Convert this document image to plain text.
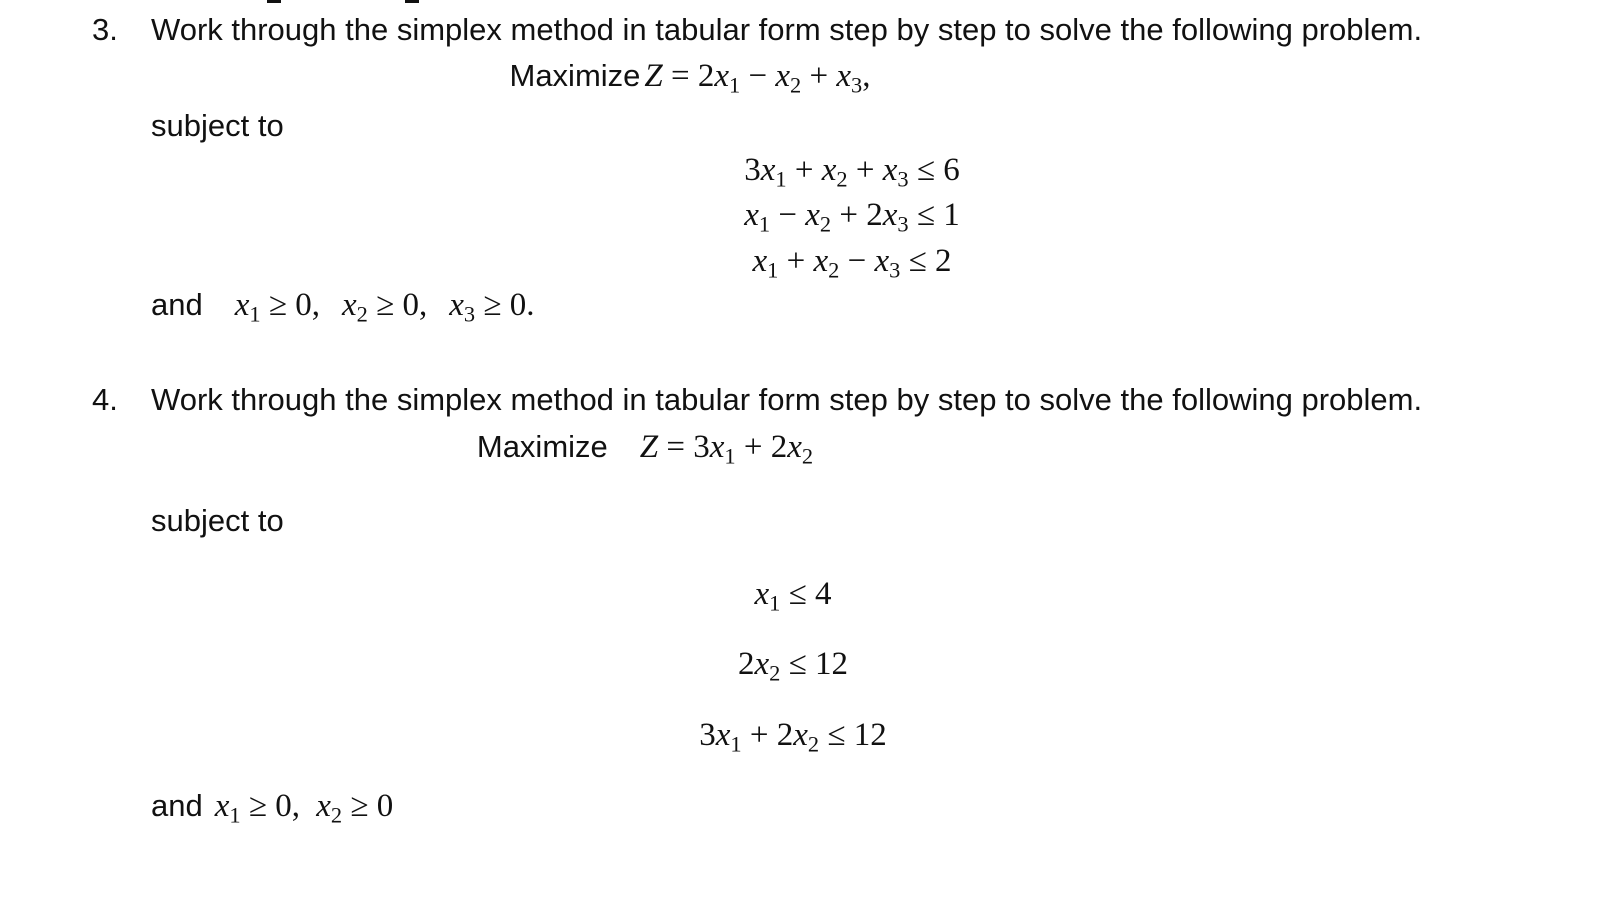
3. Work through the simplex method in tabular form step by step to solve the following problem.
Maximize $Z = 2x_1 - x_2 + x_3$,
subject to
$3x_1 + x_2 + x_3 \le 6$
$x_1 - x_2 + 2x_3 \le 1$
$x_1 + x_2 - x_3 \le 2$
and $x_1 \ge 0$, $x_2 \ge 0$, $x_3 \ge 0$.
4. Work through the simplex method in tabular form step by step to solve the following problem.
Maximize $Z = 3x_1 + 2x_2$
subject to
$x_1 \le 4$
$2x_2 \le 12$
$3x_1 + 2x_2 \le 12$
and $x_1 \ge 0$, $x_2 \ge 0$
